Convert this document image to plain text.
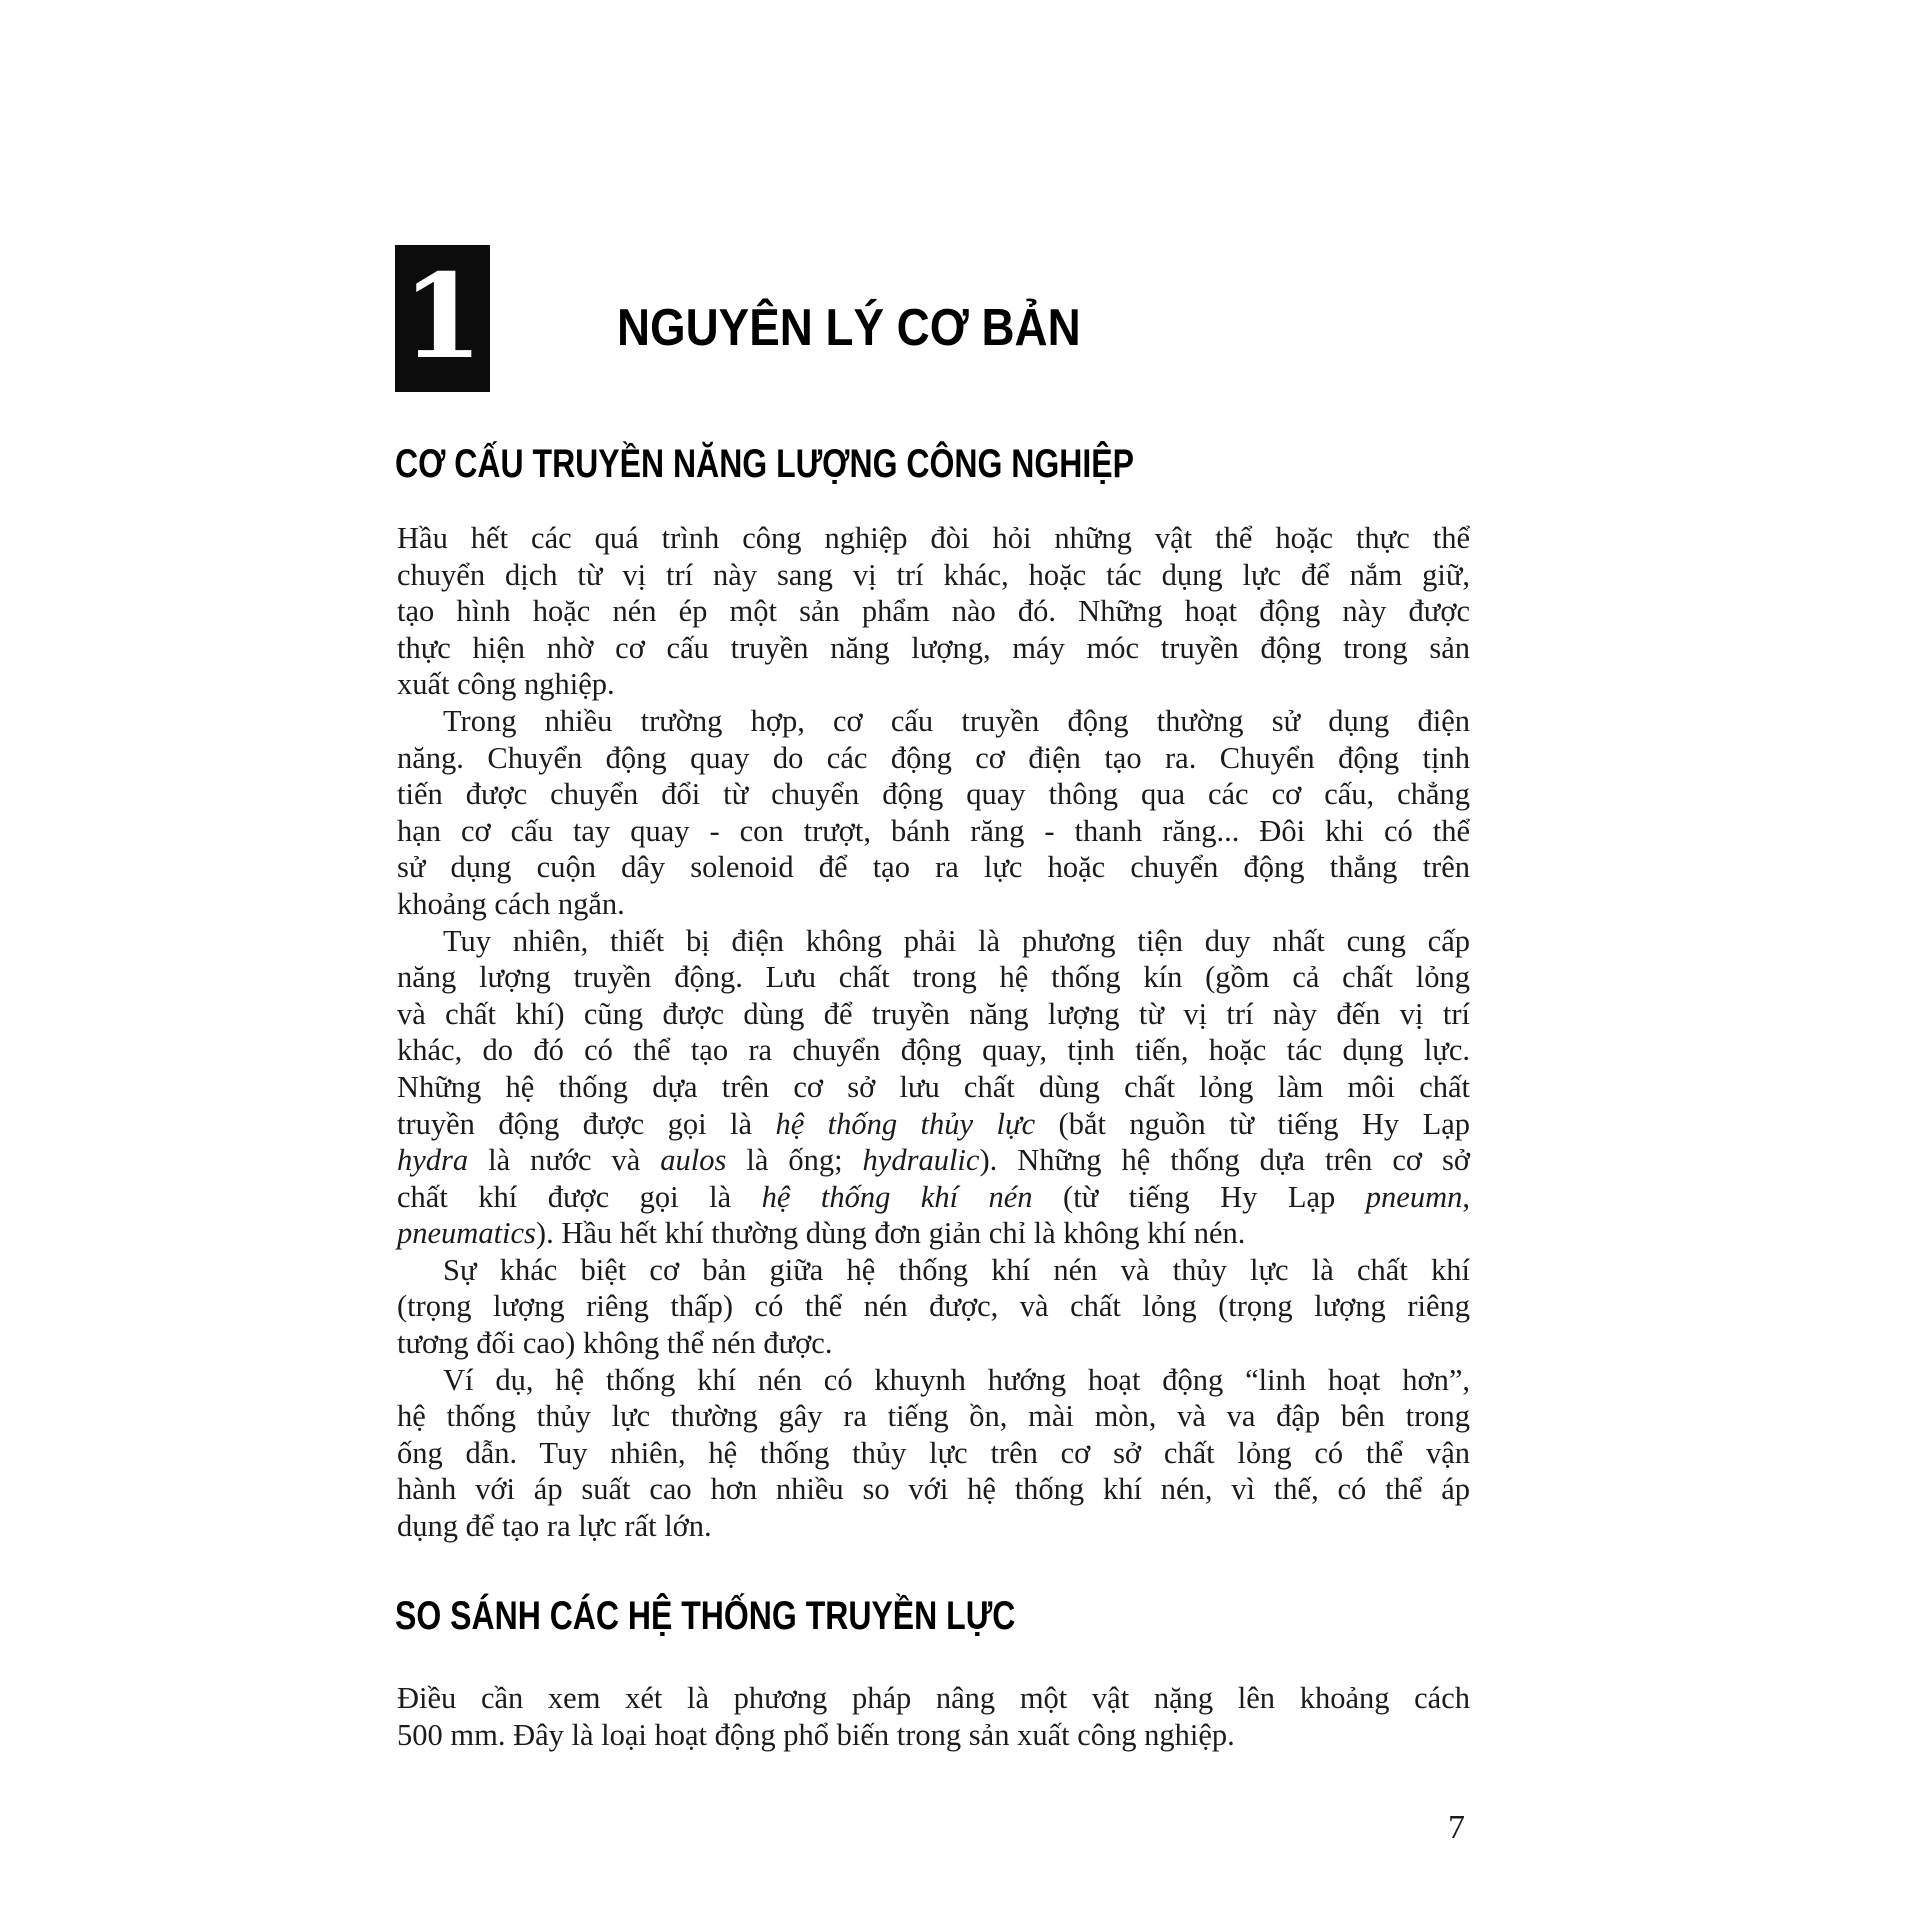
1	NGUYÊN LÝ CƠ BẢN
CƠ CẤU TRUYỀN NĂNG LƯỢNG CÔNG NGHIỆP
Hầu hết các quá trình công nghiệp đòi hỏi những vật thể hoặc thực thể
chuyển dịch từ vị trí này sang vị trí khác, hoặc tác dụng lực để nắm giữ,
tạo hình hoặc nén ép một sản phẩm nào đó. Những hoạt động này được
thực hiện nhờ cơ cấu truyền năng lượng, máy móc truyền động trong sản
xuất công nghiệp.
Trong nhiều trường hợp, cơ cấu truyền động thường sử dụng điện
năng. Chuyển động quay do các động cơ điện tạo ra. Chuyển động tịnh
tiến được chuyển đổi từ chuyển động quay thông qua các cơ cấu, chẳng
hạn cơ cấu tay quay - con trượt, bánh răng - thanh răng... Đôi khi có thể
sử dụng cuộn dây solenoid để tạo ra lực hoặc chuyển động thẳng trên
khoảng cách ngắn.
Tuy nhiên, thiết bị điện không phải là phương tiện duy nhất cung cấp
năng lượng truyền động. Lưu chất trong hệ thống kín (gồm cả chất lỏng
và chất khí) cũng được dùng để truyền năng lượng từ vị trí này đến vị trí
khác, do đó có thể tạo ra chuyển động quay, tịnh tiến, hoặc tác dụng lực.
Những hệ thống dựa trên cơ sở lưu chất dùng chất lỏng làm môi chất
truyền động được gọi là hệ thống thủy lực (bắt nguồn từ tiếng Hy Lạp
hydra là nước và aulos là ống; hydraulic). Những hệ thống dựa trên cơ sở
chất khí được gọi là hệ thống khí nén (từ tiếng Hy Lạp pneumn,
pneumatics). Hầu hết khí thường dùng đơn giản chỉ là không khí nén.
Sự khác biệt cơ bản giữa hệ thống khí nén và thủy lực là chất khí
(trọng lượng riêng thấp) có thể nén được, và chất lỏng (trọng lượng riêng
tương đối cao) không thể nén được.
Ví dụ, hệ thống khí nén có khuynh hướng hoạt động “linh hoạt hơn”,
hệ thống thủy lực thường gây ra tiếng ồn, mài mòn, và va đập bên trong
ống dẫn. Tuy nhiên, hệ thống thủy lực trên cơ sở chất lỏng có thể vận
hành với áp suất cao hơn nhiều so với hệ thống khí nén, vì thế, có thể áp
dụng để tạo ra lực rất lớn.
SO SÁNH CÁC HỆ THỐNG TRUYỀN LỰC
Điều cần xem xét là phương pháp nâng một vật nặng lên khoảng cách
500 mm. Đây là loại hoạt động phổ biến trong sản xuất công nghiệp.
7
